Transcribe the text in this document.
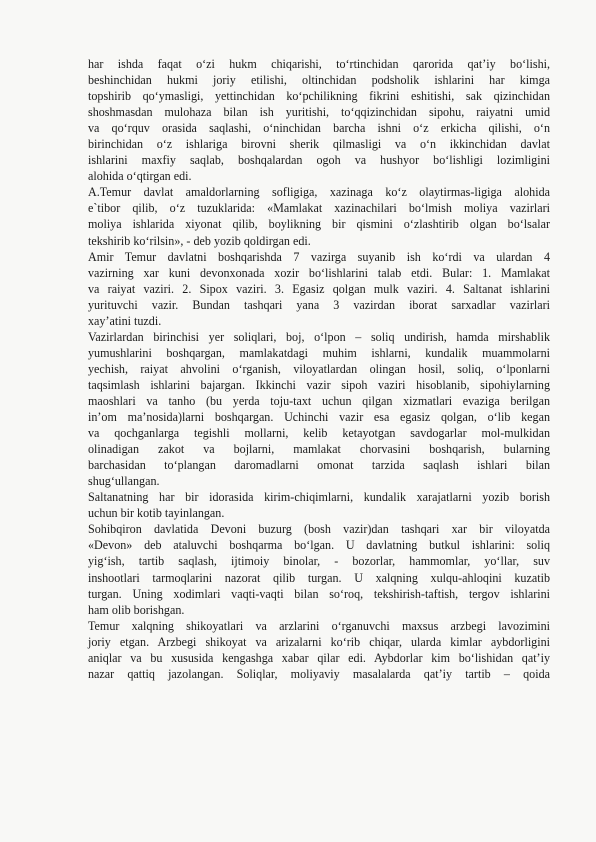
har ishda faqat o‘zi hukm chiqarishi, to‘rtinchidan qarorida qat’iy bo‘lishi,
beshinchidan hukmi joriy etilishi, oltinchidan podsholik ishlarini har kimga
topshirib qo‘ymasligi, yettinchidan ko‘pchilikning fikrini eshitishi, sak qizinchidan
shoshmasdan mulohaza bilan ish yuritishi, to‘qqizinchidan sipohu, raiyatni umid
va qo‘rquv orasida saqlashi, o‘ninchidan barcha ishni o‘z erkicha qilishi, o‘n
birinchidan o‘z ishlariga birovni sherik qilmasligi va o‘n ikkinchidan davlat
ishlarini maxfiy saqlab, boshqalardan ogoh va hushyor bo‘lishligi lozimligini
alohida o‘qtirgan edi.
A.Temur davlat amaldorlarning sofligiga, xazinaga ko‘z olaytirmas-ligiga alohida
e`tibor qilib, o‘z tuzuklarida: «Mamlakat xazinachilari bo‘lmish moliya vazirlari
moliya ishlarida xiyonat qilib, boylikning bir qismini o‘zlashtirib olgan bo‘lsalar
tekshirib ko‘rilsin», - deb yozib qoldirgan edi.
Amir Temur davlatni boshqarishda 7 vazirga suyanib ish ko‘rdi va ulardan 4
vazirning xar kuni devonxonada xozir bo‘lishlarini talab etdi. Bular: 1. Mamlakat
va raiyat vaziri. 2. Sipox vaziri. 3. Egasiz qolgan mulk vaziri. 4. Saltanat ishlarini
yurituvchi vazir. Bundan tashqari yana 3 vazirdan iborat sarxadlar vazirlari
xay’atini tuzdi.
Vazirlardan birinchisi yer soliqlari, boj, o‘lpon – soliq undirish, hamda mirshablik
yumushlarini boshqargan, mamlakatdagi muhim ishlarni, kundalik muammolarni
yechish, raiyat ahvolini o‘rganish, viloyatlardan olingan hosil, soliq, o‘lponlarni
taqsimlash ishlarini bajargan. Ikkinchi vazir sipoh vaziri hisoblanib, sipohiylarning
maoshlari va tanho (bu yerda toju-taxt uchun qilgan xizmatlari evaziga berilgan
in’om ma’nosida)larni boshqargan. Uchinchi vazir esa egasiz qolgan, o‘lib kegan
va qochganlarga tegishli mollarni, kelib ketayotgan savdogarlar mol-mulkidan
olinadigan zakot va bojlarni, mamlakat chorvasini boshqarish, bularning
barchasidan to‘plangan daromadlarni omonat tarzida saqlash ishlari bilan
shug‘ullangan.
Saltanatning har bir idorasida kirim-chiqimlarni, kundalik xarajatlarni yozib borish
uchun bir kotib tayinlangan.
Sohibqiron davlatida Devoni buzurg (bosh vazir)dan tashqari xar bir viloyatda
«Devon» deb ataluvchi boshqarma bo‘lgan. U davlatning butkul ishlarini: soliq
yig‘ish, tartib saqlash, ijtimoiy binolar, - bozorlar, hammomlar, yo‘llar, suv
inshootlari tarmoqlarini nazorat qilib turgan. U xalqning xulqu-ahloqini kuzatib
turgan. Uning xodimlari vaqti-vaqti bilan so‘roq, tekshirish-taftish, tergov ishlarini
ham olib borishgan.
Temur xalqning shikoyatlari va arzlarini o‘rganuvchi maxsus arzbegi lavozimini
joriy etgan. Arzbegi shikoyat va arizalarni ko‘rib chiqar, ularda kimlar aybdorligini
aniqlar va bu xususida kengashga xabar qilar edi. Aybdorlar kim bo‘lishidan qat’iy
nazar qattiq jazolangan. Soliqlar, moliyaviy masalalarda qat’iy tartib – qoida
